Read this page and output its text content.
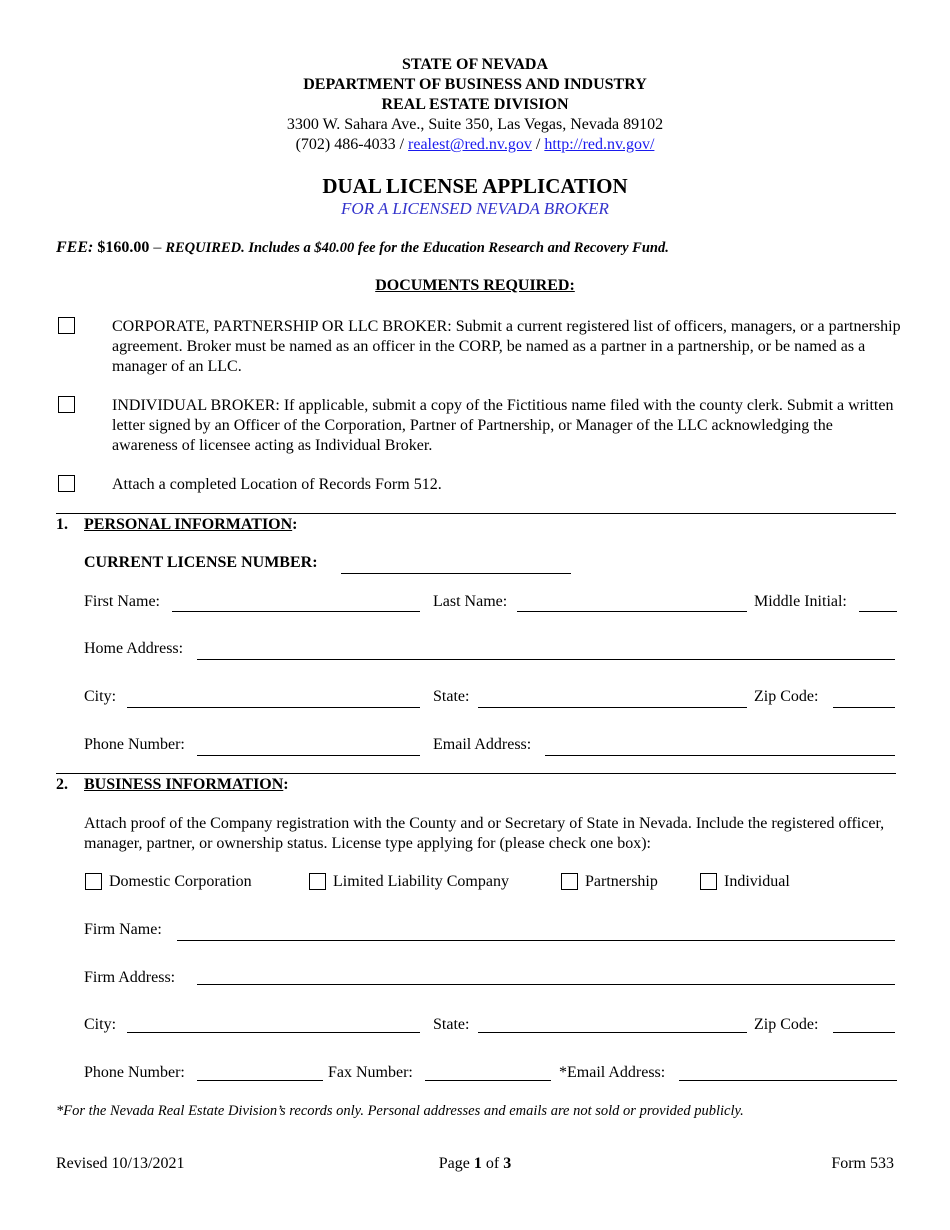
STATE OF NEVADA
DEPARTMENT OF BUSINESS AND INDUSTRY
REAL ESTATE DIVISION
3300 W. Sahara Ave., Suite 350, Las Vegas, Nevada 89102
(702) 486-4033 / realest@red.nv.gov / http://red.nv.gov/
DUAL LICENSE APPLICATION
FOR A LICENSED NEVADA BROKER
FEE: $160.00 – REQUIRED. Includes a $40.00 fee for the Education Research and Recovery Fund.
DOCUMENTS REQUIRED:
CORPORATE, PARTNERSHIP OR LLC BROKER: Submit a current registered list of officers, managers, or a partnership agreement. Broker must be named as an officer in the CORP, be named as a partner in a partnership, or be named as a manager of an LLC.
INDIVIDUAL BROKER: If applicable, submit a copy of the Fictitious name filed with the county clerk. Submit a written letter signed by an Officer of the Corporation, Partner of Partnership, or Manager of the LLC acknowledging the awareness of licensee acting as Individual Broker.
Attach a completed Location of Records Form 512.
1. PERSONAL INFORMATION:
CURRENT LICENSE NUMBER:
First Name:	Last Name:	Middle Initial:
Home Address:
City:	State:	Zip Code:
Phone Number:	Email Address:
2. BUSINESS INFORMATION:
Attach proof of the Company registration with the County and or Secretary of State in Nevada. Include the registered officer, manager, partner, or ownership status. License type applying for (please check one box):
Domestic Corporation	Limited Liability Company	Partnership	Individual
Firm Name:
Firm Address:
City:	State:	Zip Code:
Phone Number:	Fax Number:	*Email Address:
*For the Nevada Real Estate Division’s records only. Personal addresses and emails are not sold or provided publicly.
Revised 10/13/2021	Page 1 of 3	Form 533
